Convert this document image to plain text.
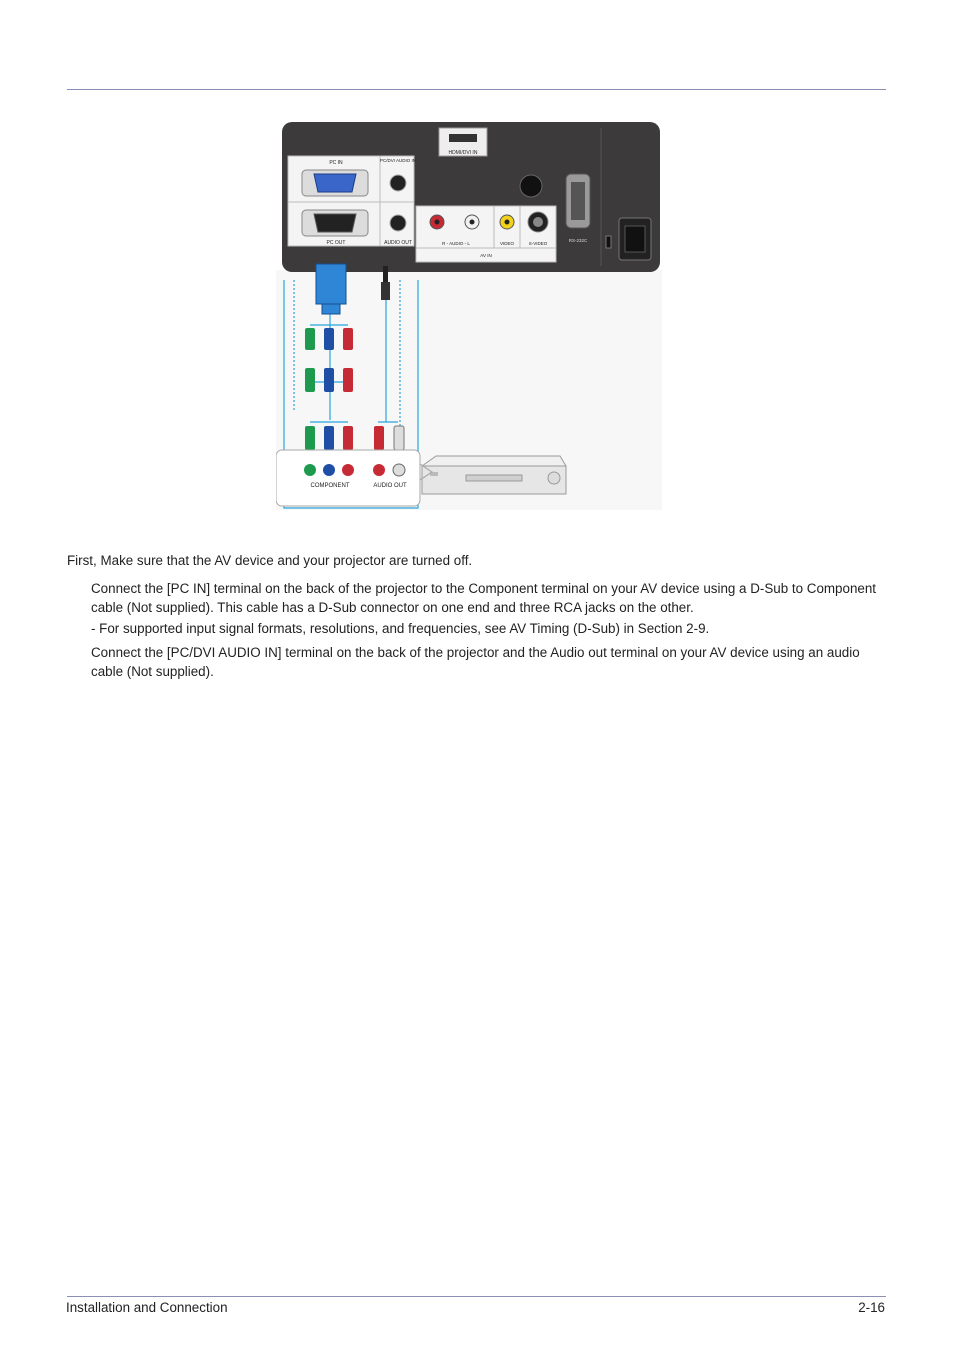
HDMI/DVI IN
PC IN	PC/DVI AUDIO IN
PC OUT	AUDIO OUT	R - AUDIO - L	VIDEO	S-VIDEO
AV IN
RS-232C
COMPONENT	AUDIO OUT
First, Make sure that the AV device and your projector are turned off.
Connect the [PC IN] terminal on the back of the projector to the Component terminal on your AV device using a D-Sub to Component cable (Not supplied). This cable has a D-Sub connector on one end and three RCA jacks on the other.
- For supported input signal formats, resolutions, and frequencies, see AV Timing (D-Sub) in Section 2-9.
Connect the [PC/DVI AUDIO IN] terminal on the back of the projector and the Audio out terminal on your AV device using an audio cable (Not supplied).
Installation and Connection	2-16
